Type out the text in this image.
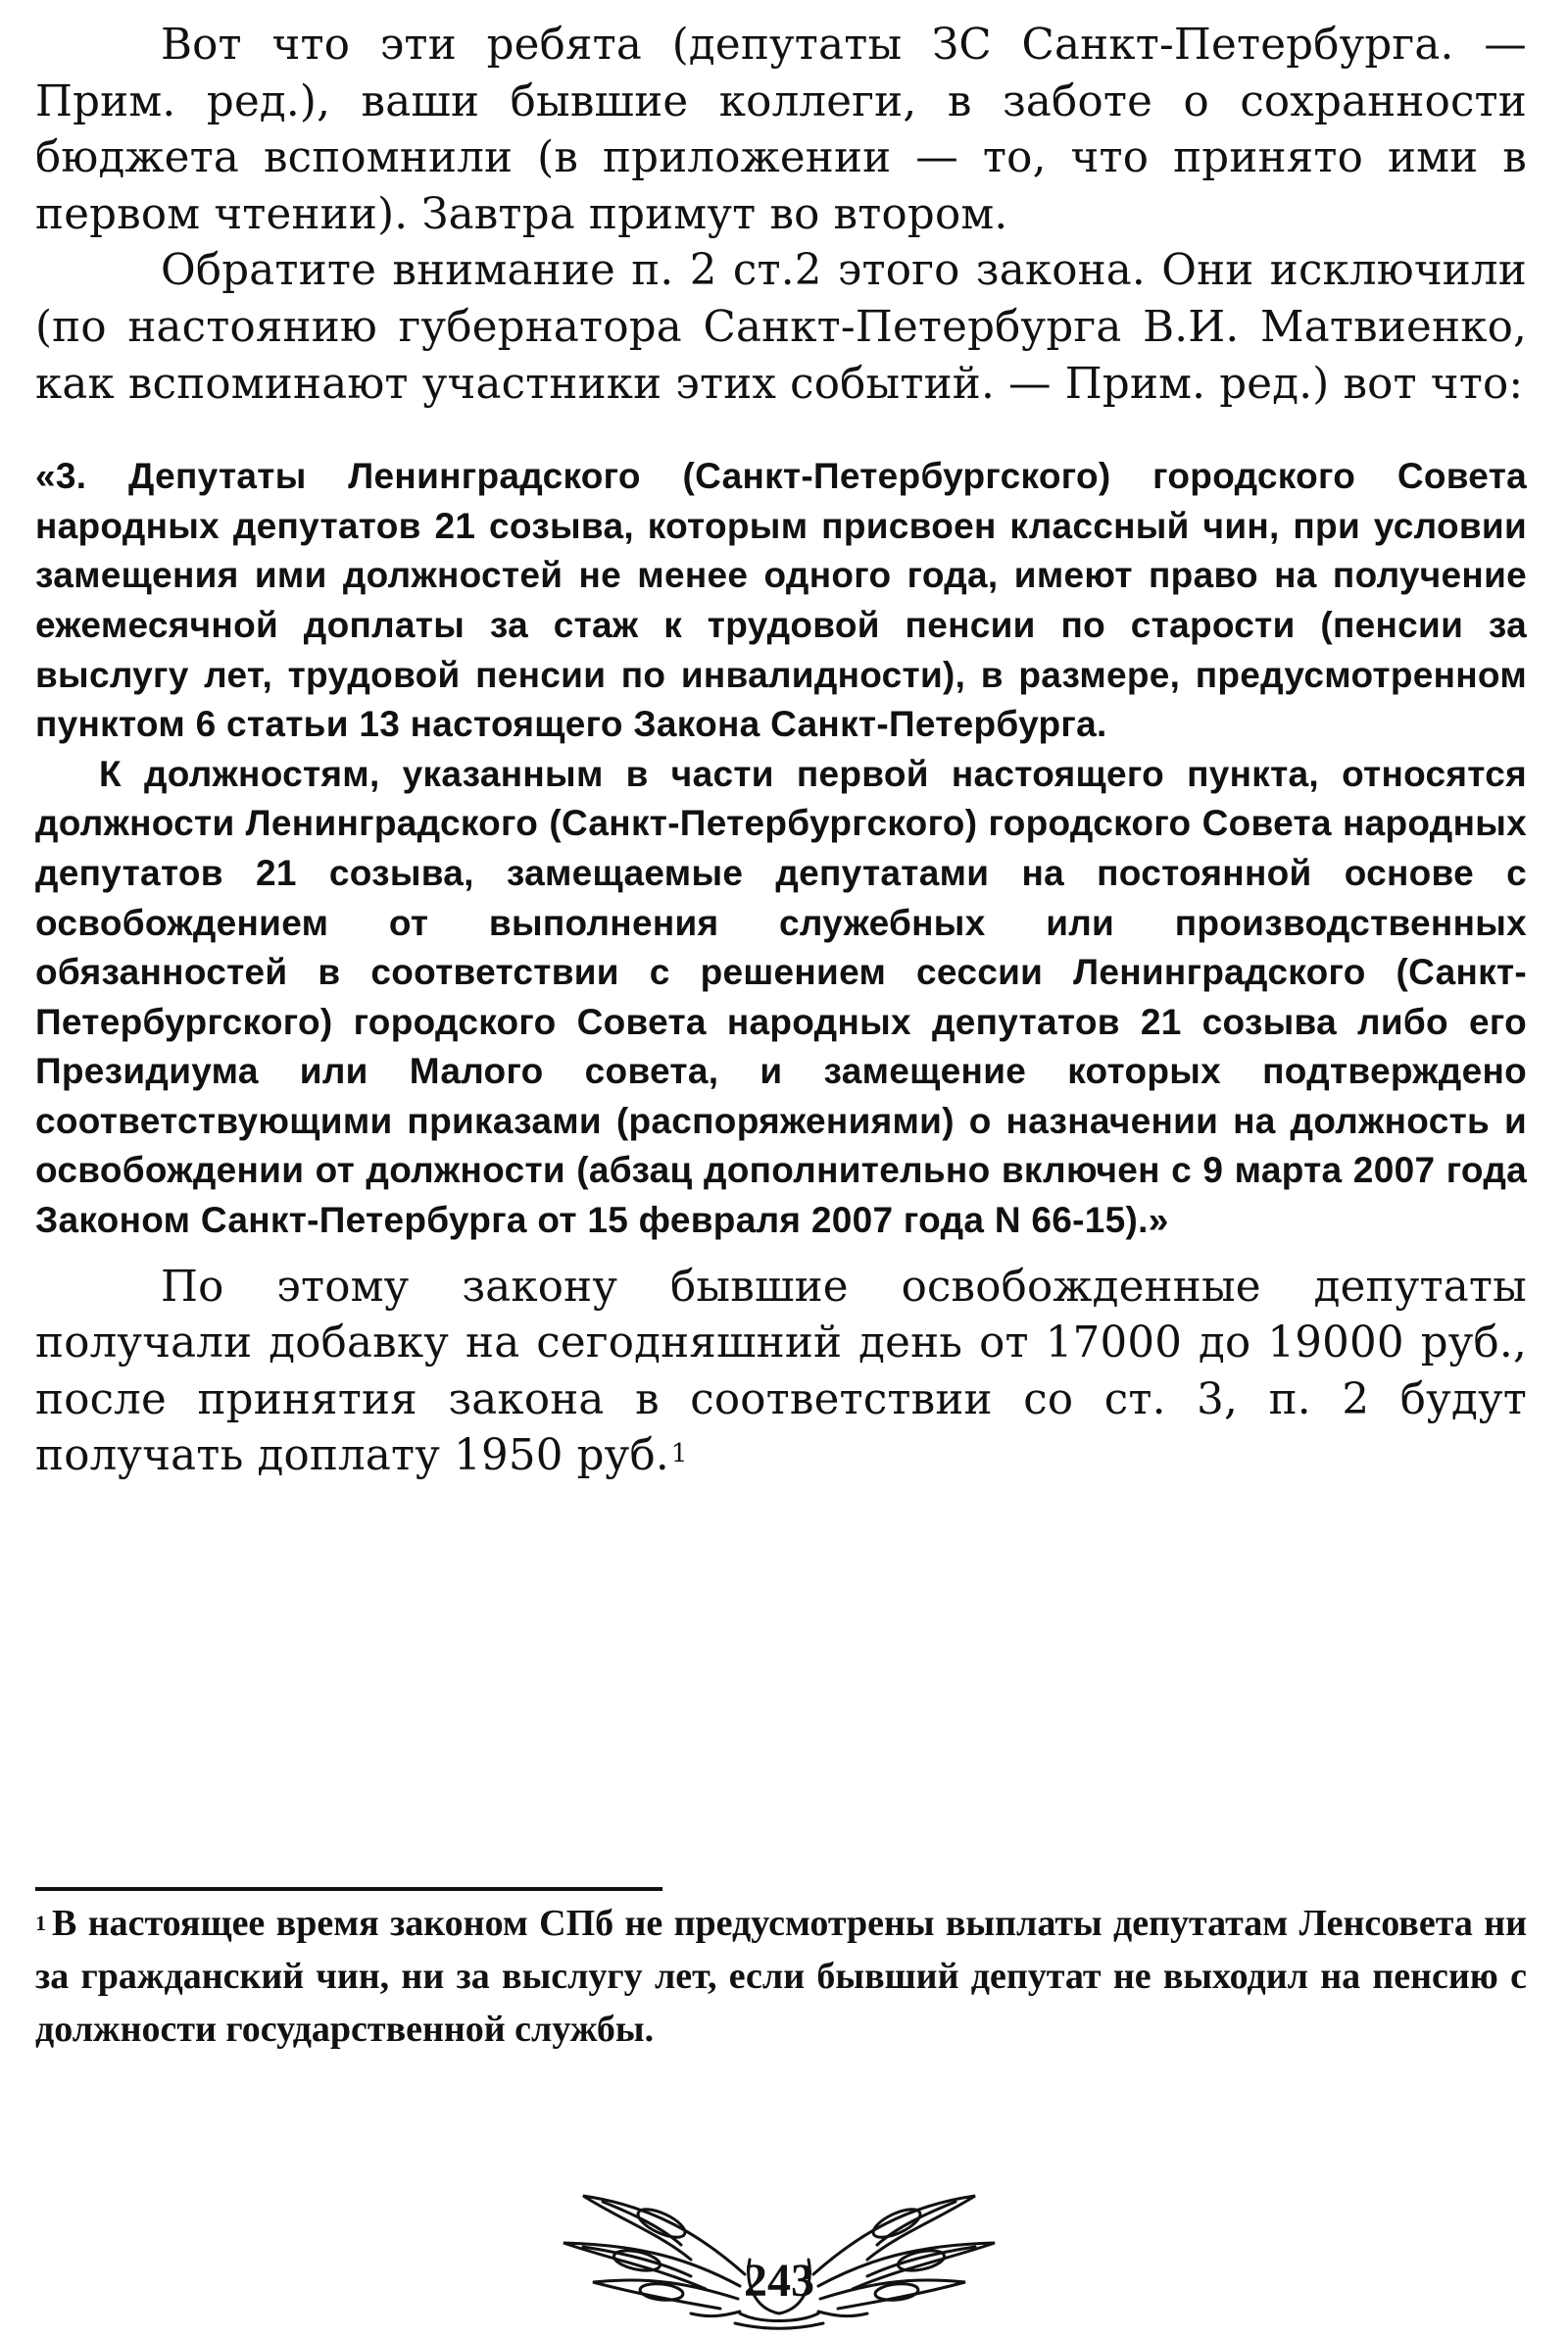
Вот что эти ребята (депутаты ЗС Санкт-Петербурга. — Прим. ред.), ваши бывшие коллеги, в заботе о сохранности бюджета вспомнили (в приложении — то, что принято ими в первом чтении). Завтра примут во втором.

Обратите внимание п. 2 ст.2 этого закона. Они исключили (по настоянию губернатора Санкт-Петербурга В.И. Матвиенко, как вспоминают участники этих событий. — Прим. ред.) вот что:

«3. Депутаты Ленинградского (Санкт-Петербургского) городского Совета народных депутатов 21 созыва, которым присвоен классный чин, при условии замещения ими должностей не менее одного года, имеют право на получение ежемесячной доплаты за стаж к трудовой пенсии по старости (пенсии за выслугу лет, трудовой пенсии по инвалидности), в размере, предусмотренном пунктом 6 статьи 13 настоящего Закона Санкт-Петербурга.

К должностям, указанным в части первой настоящего пункта, относятся должности Ленинградского (Санкт-Петербургского) городского Совета народных депутатов 21 созыва, замещаемые депутатами на постоянной основе с освобождением от выполнения служебных или производственных обязанностей в соответствии с решением сессии Ленинградского (Санкт-Петербургского) городского Совета народных депутатов 21 созыва либо его Президиума или Малого совета, и замещение которых подтверждено соответствующими приказами (распоряжениями) о назначении на должность и освобождении от должности (абзац дополнительно включен с 9 марта 2007 года Законом Санкт-Петербурга от 15 февраля 2007 года N 66-15).»

По этому закону бывшие освобожденные депутаты получали добавку на сегодняшний день от 17000 до 19000 руб., после принятия закона в соответствии со ст. 3, п. 2 будут получать доплату 1950 руб.$^1$

$^1$ В настоящее время законом СПб не предусмотрены выплаты депутатам Ленсовета ни за гражданский чин, ни за выслугу лет, если бывший депутат не выходил на пенсию с должности государственной службы.
243
